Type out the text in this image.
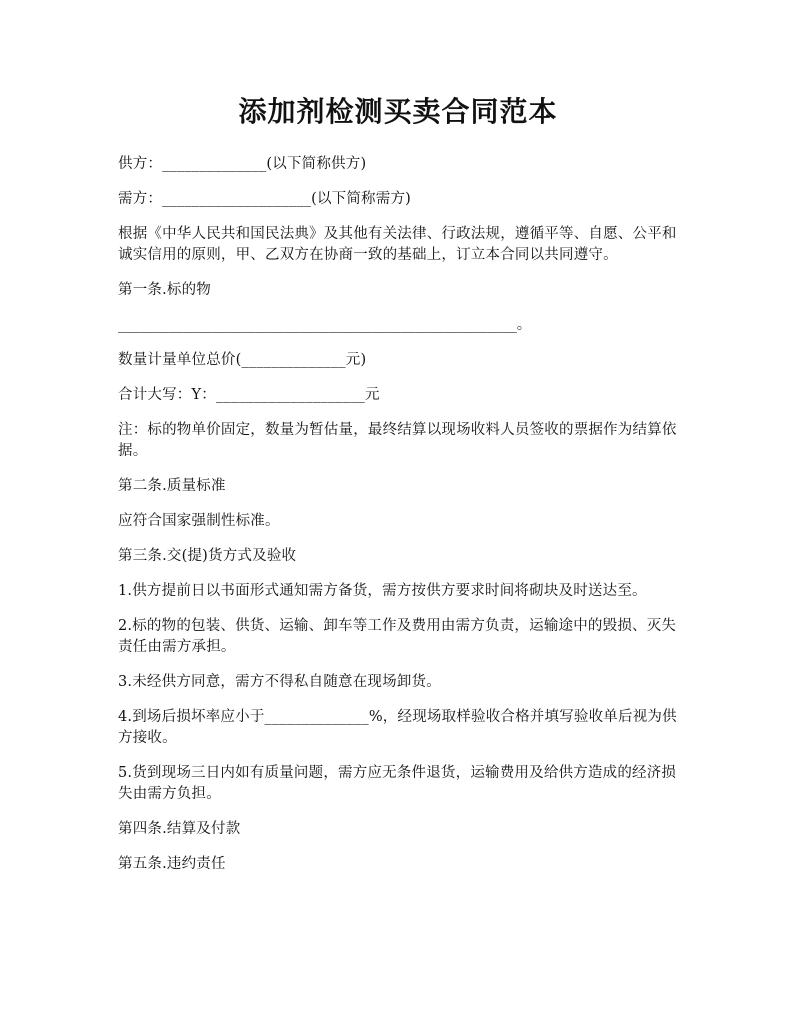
添加剂检测买卖合同范本

供方：______________(以下简称供方)

需方：____________________(以下简称需方)

根据《中华人民共和国民法典》及其他有关法律、行政法规，遵循平等、自愿、公平和诚实信用的原则，甲、乙双方在协商一致的基础上，订立本合同以共同遵守。

第一条.标的物

_______________________________________________________。

数量计量单位总价(______________元)

合计大写：Y：____________________元

注：标的物单价固定，数量为暂估量，最终结算以现场收料人员签收的票据作为结算依据。

第二条.质量标准

应符合国家强制性标准。

第三条.交(提)货方式及验收

1.供方提前日以书面形式通知需方备货，需方按供方要求时间将砌块及时送达至。

2.标的物的包装、供货、运输、卸车等工作及费用由需方负责，运输途中的毁损、灭失责任由需方承担。

3.未经供方同意，需方不得私自随意在现场卸货。

4.到场后损坏率应小于______________%，经现场取样验收合格并填写验收单后视为供方接收。

5.货到现场三日内如有质量问题，需方应无条件退货，运输费用及给供方造成的经济损失由需方负担。

第四条.结算及付款

第五条.违约责任
